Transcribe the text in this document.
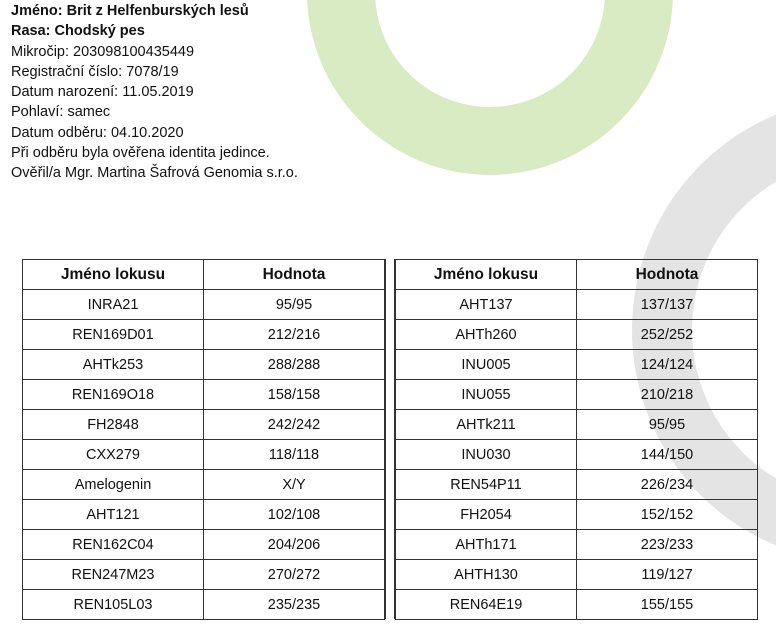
Jméno:
Brit z Helfenburských lesů
Rasa:
Chodský pes
Mikročip:
203098100435449
Registrační číslo:
7078/19
Datum narození:
11.05.2019
Pohlaví:
samec
Datum odběru:
04.10.2020
Při odběru byla ověřena identita jedince.
Ověřil/a Mgr. Martina Šafrová Genomia s.r.o.
Jméno lokusu	Hodnota
INRA21	95/95
REN169D01	212/216
AHTk253	288/288
REN169O18	158/158
FH2848	242/242
CXX279	118/118
Amelogenin	X/Y
AHT121	102/108
REN162C04	204/206
REN247M23	270/272
REN105L03	235/235
Jméno lokusu	Hodnota
AHT137	137/137
AHTh260	252/252
INU005	124/124
INU055	210/218
AHTk211	95/95
INU030	144/150
REN54P11	226/234
FH2054	152/152
AHTh171	223/233
AHTH130	119/127
REN64E19	155/155
